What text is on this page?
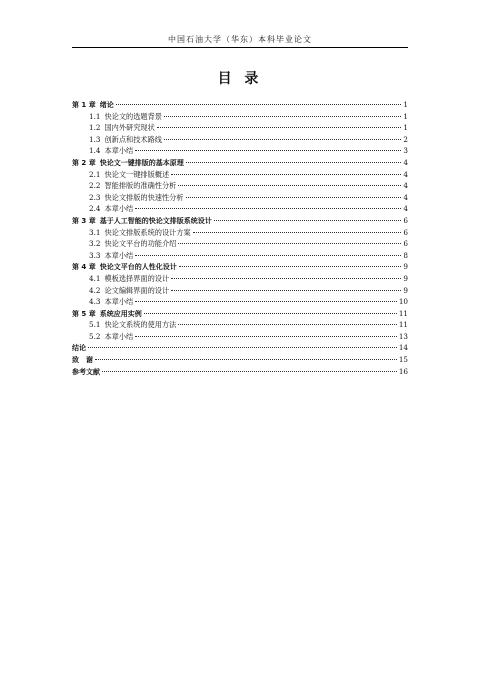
中国石油大学（华东）本科毕业论文
目 录
第 1 章 绪论	1
1.1 快论文的选题背景	1
1.2 国内外研究现状	1
1.3 创新点和技术路线	2
1.4 本章小结	3
第 2 章 快论文一键排版的基本原理	4
2.1 快论文一键排版概述	4
2.2 智能排版的准确性分析	4
2.3 快论文排版的快速性分析	4
2.4 本章小结	4
第 3 章 基于人工智能的快论文排版系统设计	6
3.1 快论文排版系统的设计方案	6
3.2 快论文平台的功能介绍	6
3.3 本章小结	8
第 4 章 快论文平台的人性化设计	9
4.1 模板选择界面的设计	9
4.2 论文编辑界面的设计	9
4.3 本章小结	10
第 5 章 系统应用实例	11
5.1 快论文系统的使用方法	11
5.2 本章小结	13
结论	14
致　谢	15
参考文献	16
